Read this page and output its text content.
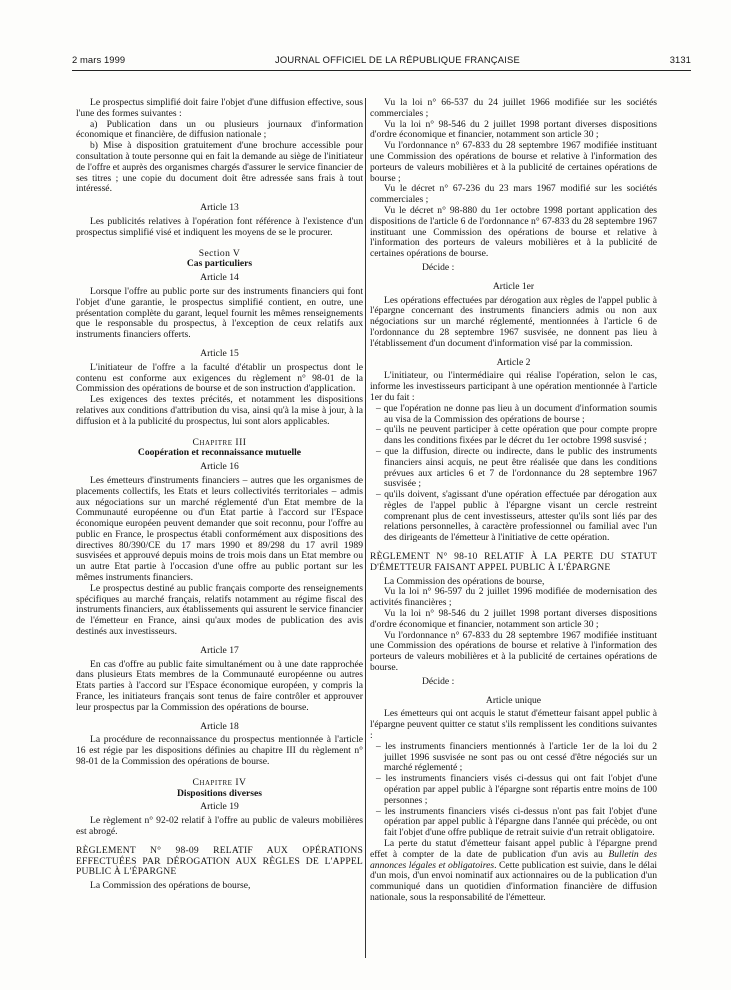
2 mars 1999	JOURNAL OFFICIEL DE LA RÉPUBLIQUE FRANÇAISE	3131

Le prospectus simplifié doit faire l'objet d'une diffusion effective, sous l'une des formes suivantes :

a) Publication dans un ou plusieurs journaux d'information économique et financière, de diffusion nationale ;

b) Mise à disposition gratuitement d'une brochure accessible pour consultation à toute personne qui en fait la demande au siège de l'initiateur de l'offre et auprès des organismes chargés d'assurer le service financier de ses titres ; une copie du document doit être adressée sans frais à tout intéressé.

Article 13

Les publicités relatives à l'opération font référence à l'existence d'un prospectus simplifié visé et indiquent les moyens de se le procurer.

Section V

Cas particuliers

Article 14

Lorsque l'offre au public porte sur des instruments financiers qui font l'objet d'une garantie, le prospectus simplifié contient, en outre, une présentation complète du garant, lequel fournit les mêmes renseignements que le responsable du prospectus, à l'exception de ceux relatifs aux instruments financiers offerts.

Article 15

L'initiateur de l'offre a la faculté d'établir un prospectus dont le contenu est conforme aux exigences du règlement n° 98-01 de la Commission des opérations de bourse et de son instruction d'application.

Les exigences des textes précités, et notamment les dispositions relatives aux conditions d'attribution du visa, ainsi qu'à la mise à jour, à la diffusion et à la publicité du prospectus, lui sont alors applicables.

Chapitre III

Coopération et reconnaissance mutuelle

Article 16

Les émetteurs d'instruments financiers – autres que les organismes de placements collectifs, les Etats et leurs collectivités territoriales – admis aux négociations sur un marché réglementé d'un Etat membre de la Communauté européenne ou d'un Etat partie à l'accord sur l'Espace économique européen peuvent demander que soit reconnu, pour l'offre au public en France, le prospectus établi conformément aux dispositions des directives 80/390/CE du 17 mars 1990 et 89/298 du 17 avril 1989 susvisées et approuvé depuis moins de trois mois dans un Etat membre ou un autre Etat partie à l'occasion d'une offre au public portant sur les mêmes instruments financiers.

Le prospectus destiné au public français comporte des renseignements spécifiques au marché français, relatifs notamment au régime fiscal des instruments financiers, aux établissements qui assurent le service financier de l'émetteur en France, ainsi qu'aux modes de publication des avis destinés aux investisseurs.

Article 17

En cas d'offre au public faite simultanément ou à une date rapprochée dans plusieurs Etats membres de la Communauté européenne ou autres Etats parties à l'accord sur l'Espace économique européen, y compris la France, les initiateurs français sont tenus de faire contrôler et approuver leur prospectus par la Commission des opérations de bourse.

Article 18

La procédure de reconnaissance du prospectus mentionnée à l'article 16 est régie par les dispositions définies au chapitre III du règlement n° 98-01 de la Commission des opérations de bourse.

Chapitre IV

Dispositions diverses

Article 19

Le règlement n° 92-02 relatif à l'offre au public de valeurs mobilières est abrogé.

RÈGLEMENT N° 98-09 RELATIF AUX OPÉRATIONS EFFECTUÉES PAR DÉROGATION AUX RÈGLES DE L'APPEL PUBLIC À L'ÉPARGNE

La Commission des opérations de bourse,

Vu la loi n° 66-537 du 24 juillet 1966 modifiée sur les sociétés commerciales ;

Vu la loi n° 98-546 du 2 juillet 1998 portant diverses dispositions d'ordre économique et financier, notamment son article 30 ;

Vu l'ordonnance n° 67-833 du 28 septembre 1967 modifiée instituant une Commission des opérations de bourse et relative à l'information des porteurs de valeurs mobilières et à la publicité de certaines opérations de bourse ;

Vu le décret n° 67-236 du 23 mars 1967 modifié sur les sociétés commerciales ;

Vu le décret n° 98-880 du 1er octobre 1998 portant application des dispositions de l'article 6 de l'ordonnance n° 67-833 du 28 septembre 1967 instituant une Commission des opérations de bourse et relative à l'information des porteurs de valeurs mobilières et à la publicité de certaines opérations de bourse.

Décide :

Article 1er

Les opérations effectuées par dérogation aux règles de l'appel public à l'épargne concernant des instruments financiers admis ou non aux négociations sur un marché réglementé, mentionnées à l'article 6 de l'ordonnance du 28 septembre 1967 susvisée, ne donnent pas lieu à l'établissement d'un document d'information visé par la commission.

Article 2

L'initiateur, ou l'intermédiaire qui réalise l'opération, selon le cas, informe les investisseurs participant à une opération mentionnée à l'article 1er du fait :

– que l'opération ne donne pas lieu à un document d'information soumis au visa de la Commission des opérations de bourse ;

– qu'ils ne peuvent participer à cette opération que pour compte propre dans les conditions fixées par le décret du 1er octobre 1998 susvisé ;

– que la diffusion, directe ou indirecte, dans le public des instruments financiers ainsi acquis, ne peut être réalisée que dans les conditions prévues aux articles 6 et 7 de l'ordonnance du 28 septembre 1967 susvisée ;

– qu'ils doivent, s'agissant d'une opération effectuée par dérogation aux règles de l'appel public à l'épargne visant un cercle restreint comprenant plus de cent investisseurs, attester qu'ils sont liés par des relations personnelles, à caractère professionnel ou familial avec l'un des dirigeants de l'émetteur à l'initiative de cette opération.

RÈGLEMENT N° 98-10 RELATIF À LA PERTE DU STATUT D'ÉMETTEUR FAISANT APPEL PUBLIC À L'ÉPARGNE

La Commission des opérations de bourse,

Vu la loi n° 96-597 du 2 juillet 1996 modifiée de modernisation des activités financières ;

Vu la loi n° 98-546 du 2 juillet 1998 portant diverses dispositions d'ordre économique et financier, notamment son article 30 ;

Vu l'ordonnance n° 67-833 du 28 septembre 1967 modifiée instituant une Commission des opérations de bourse et relative à l'information des porteurs de valeurs mobilières et à la publicité de certaines opérations de bourse.

Décide :

Article unique

Les émetteurs qui ont acquis le statut d'émetteur faisant appel public à l'épargne peuvent quitter ce statut s'ils remplissent les conditions suivantes :

– les instruments financiers mentionnés à l'article 1er de la loi du 2 juillet 1996 susvisée ne sont pas ou ont cessé d'être négociés sur un marché réglementé ;

– les instruments financiers visés ci-dessus qui ont fait l'objet d'une opération par appel public à l'épargne sont répartis entre moins de 100 personnes ;

– les instruments financiers visés ci-dessus n'ont pas fait l'objet d'une opération par appel public à l'épargne dans l'année qui précède, ou ont fait l'objet d'une offre publique de retrait suivie d'un retrait obligatoire.

La perte du statut d'émetteur faisant appel public à l'épargne prend effet à compter de la date de publication d'un avis au Bulletin des annonces légales et obligatoires. Cette publication est suivie, dans le délai d'un mois, d'un envoi nominatif aux actionnaires ou de la publication d'un communiqué dans un quotidien d'information financière de diffusion nationale, sous la responsabilité de l'émetteur.
